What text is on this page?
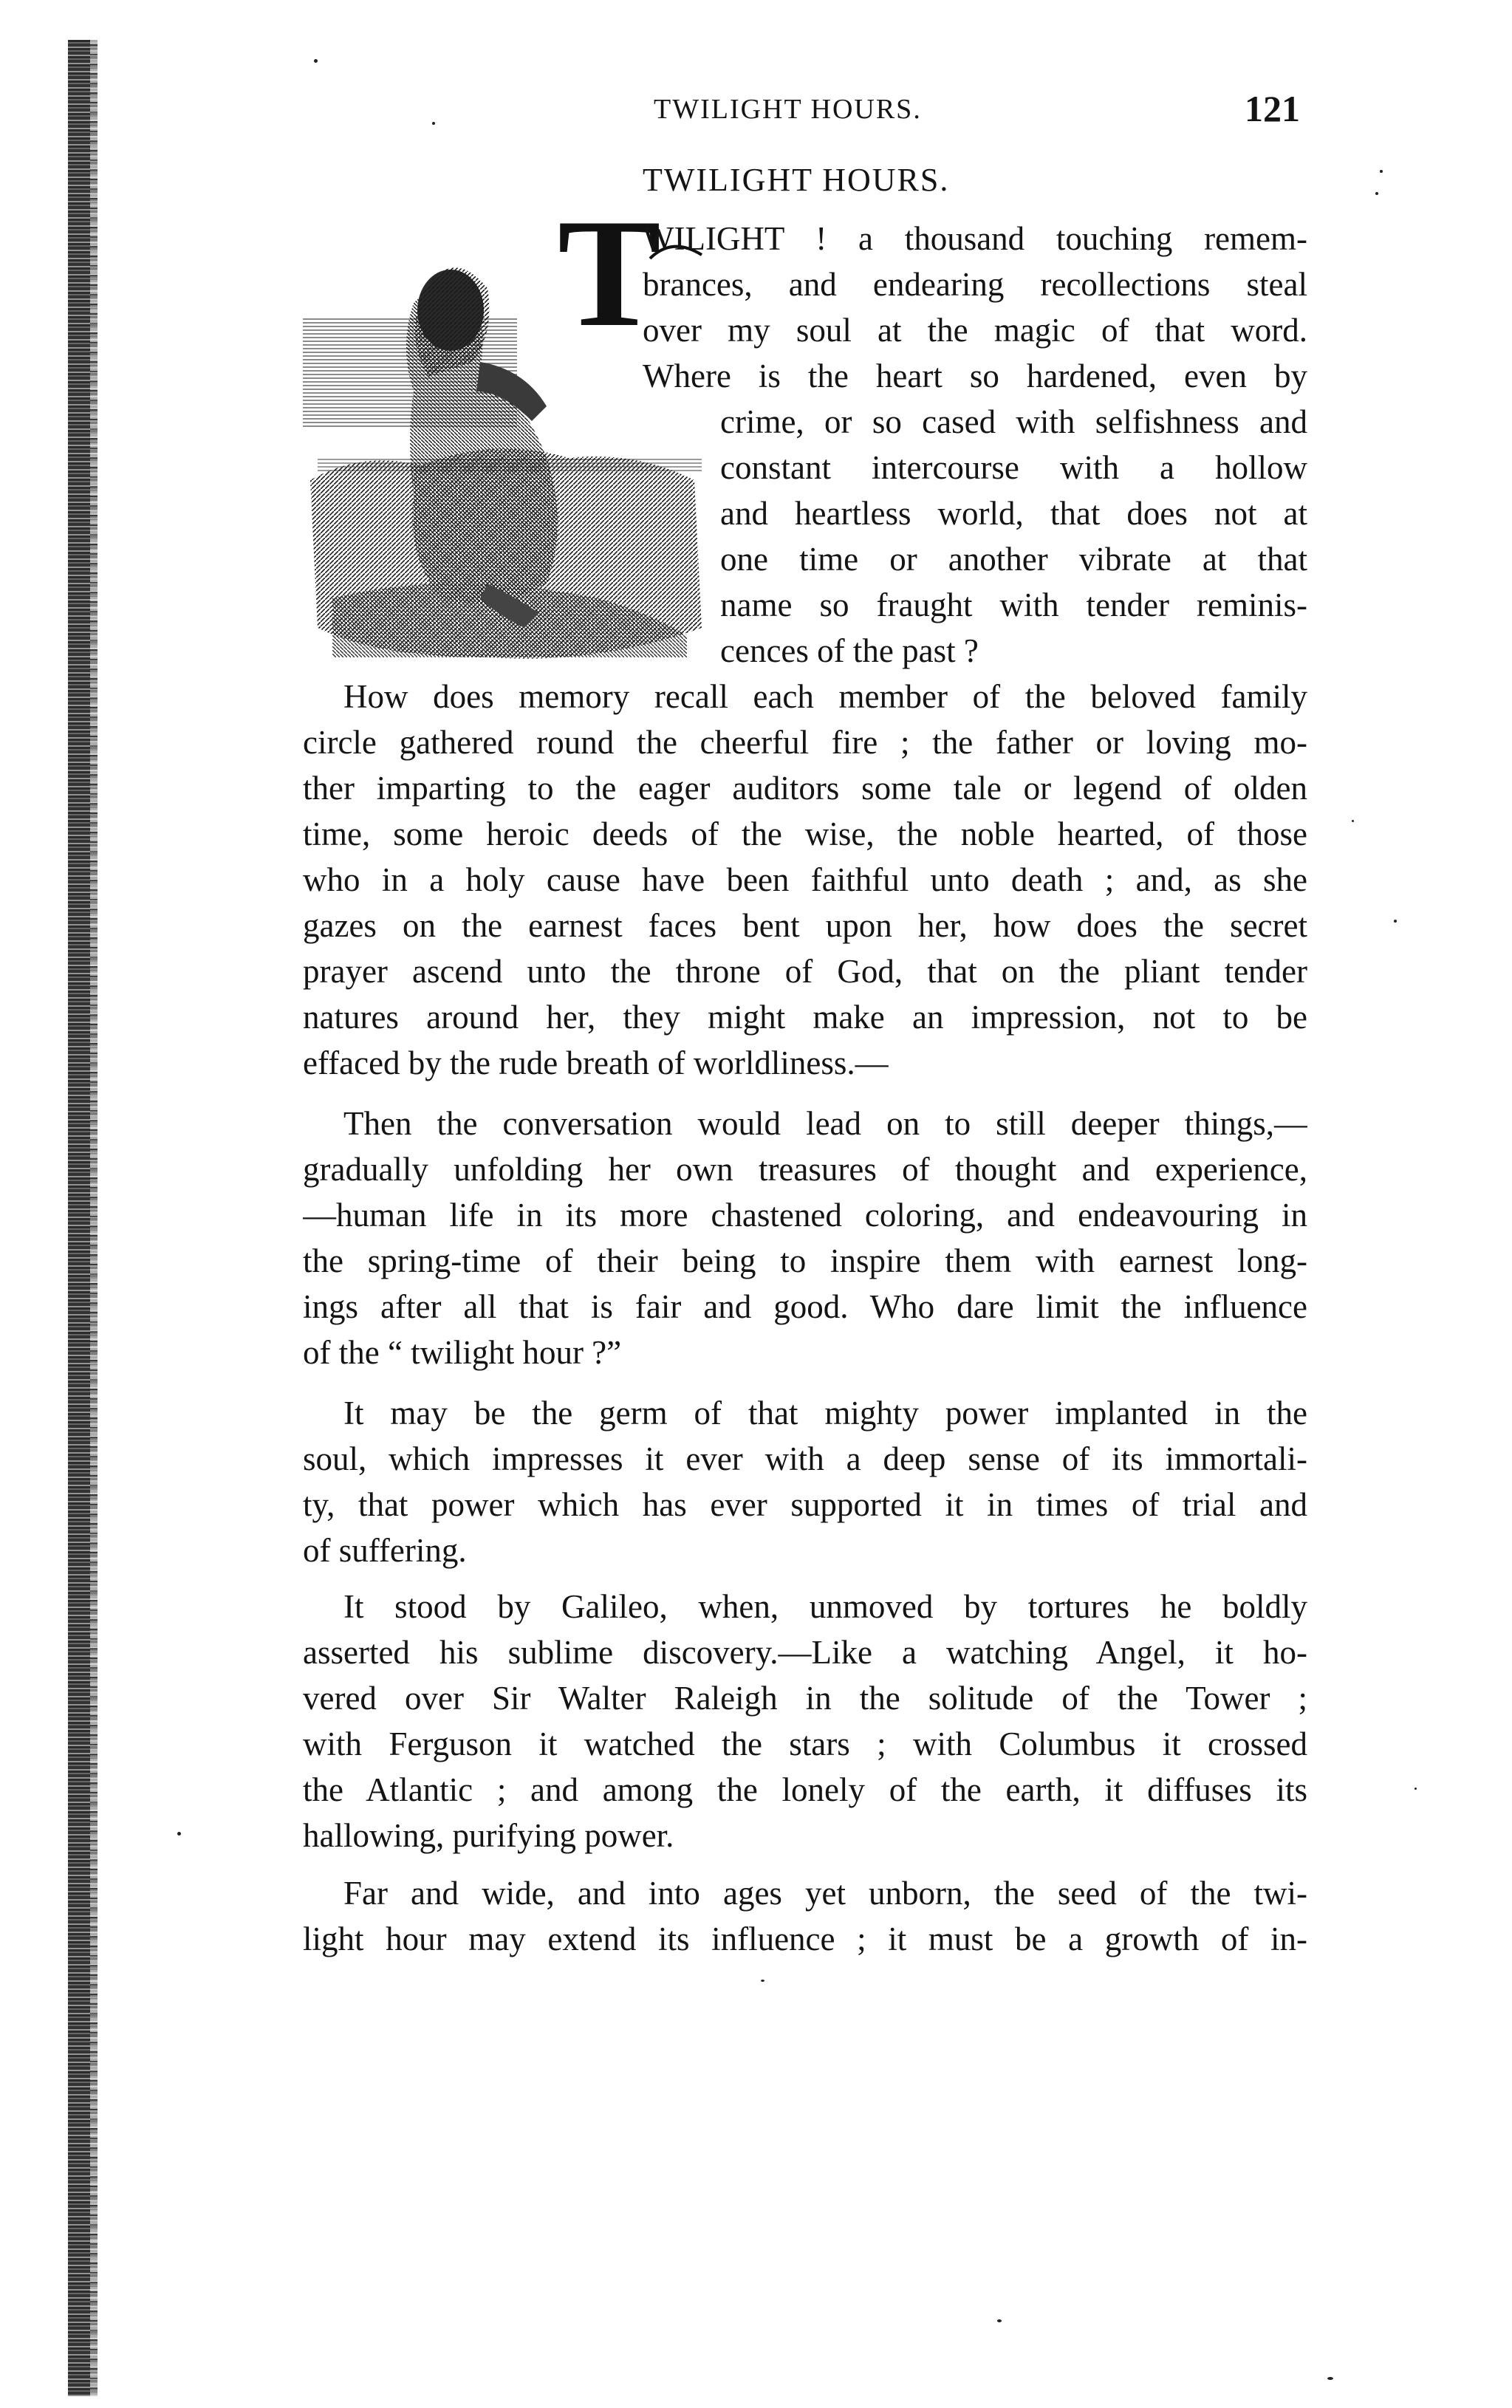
TWILIGHT HOURS.	121
TWILIGHT HOURS.
T
WILIGHT ! a thousand touching remem-
brances, and endearing recollections steal
over my soul at the magic of that word.
Where is the heart so hardened, even by
crime, or so cased with selfishness and
constant intercourse with a hollow
and heartless world, that does not at
one time or another vibrate at that
name so fraught with tender reminis-
cences of the past ?
How does memory recall each member of the beloved family
circle gathered round the cheerful fire ; the father or loving mo-
ther imparting to the eager auditors some tale or legend of olden
time, some heroic deeds of the wise, the noble hearted, of those
who in a holy cause have been faithful unto death ; and, as she
gazes on the earnest faces bent upon her, how does the secret
prayer ascend unto the throne of God, that on the pliant tender
natures around her, they might make an impression, not to be
effaced by the rude breath of worldliness.—
Then the conversation would lead on to still deeper things,—
gradually unfolding her own treasures of thought and experience,
—human life in its more chastened coloring, and endeavouring in
the spring-time of their being to inspire them with earnest long-
ings after all that is fair and good. Who dare limit the influence
of the “ twilight hour ?”
It may be the germ of that mighty power implanted in the
soul, which impresses it ever with a deep sense of its immortali-
ty, that power which has ever supported it in times of trial and
of suffering.
It stood by Galileo, when, unmoved by tortures he boldly
asserted his sublime discovery.—Like a watching Angel, it ho-
vered over Sir Walter Raleigh in the solitude of the Tower ;
with Ferguson it watched the stars ; with Columbus it crossed
the Atlantic ; and among the lonely of the earth, it diffuses its
hallowing, purifying power.
Far and wide, and into ages yet unborn, the seed of the twi-
light hour may extend its influence ; it must be a growth of in-
